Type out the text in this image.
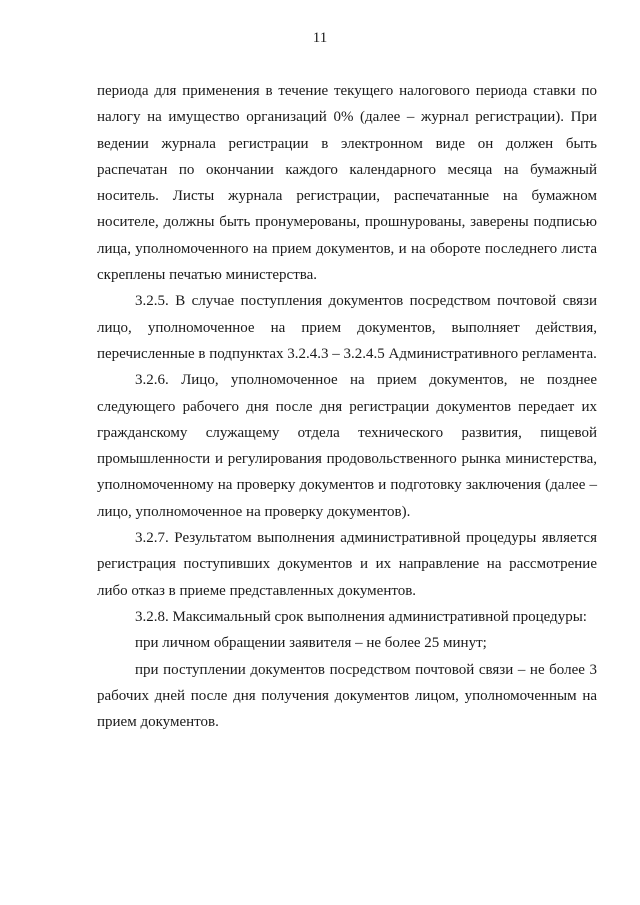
11

периода для применения в течение текущего налогового периода ставки по налогу на имущество организаций 0% (далее – журнал регистрации). При ведении журнала регистрации в электронном виде он должен быть распечатан по окончании каждого календарного месяца на бумажный носитель. Листы журнала регистрации, распечатанные на бумажном носителе, должны быть пронумерованы, прошнурованы, заверены подписью лица, уполномоченного на прием документов, и на обороте последнего листа скреплены печатью министерства.

3.2.5. В случае поступления документов посредством почтовой связи лицо, уполномоченное на прием документов, выполняет действия, перечисленные в подпунктах 3.2.4.3 – 3.2.4.5 Административного регламента.

3.2.6. Лицо, уполномоченное на прием документов, не позднее следующего рабочего дня после дня регистрации документов передает их гражданскому служащему отдела технического развития, пищевой промышленности и регулирования продовольственного рынка министерства, уполномоченному на проверку документов и подготовку заключения (далее – лицо, уполномоченное на проверку документов).

3.2.7. Результатом выполнения административной процедуры является регистрация поступивших документов и их направление на рассмотрение либо отказ в приеме представленных документов.

3.2.8. Максимальный срок выполнения административной процедуры:

при личном обращении заявителя – не более 25 минут;

при поступлении документов посредством почтовой связи – не более 3 рабочих дней после дня получения документов лицом, уполномоченным на прием документов.
